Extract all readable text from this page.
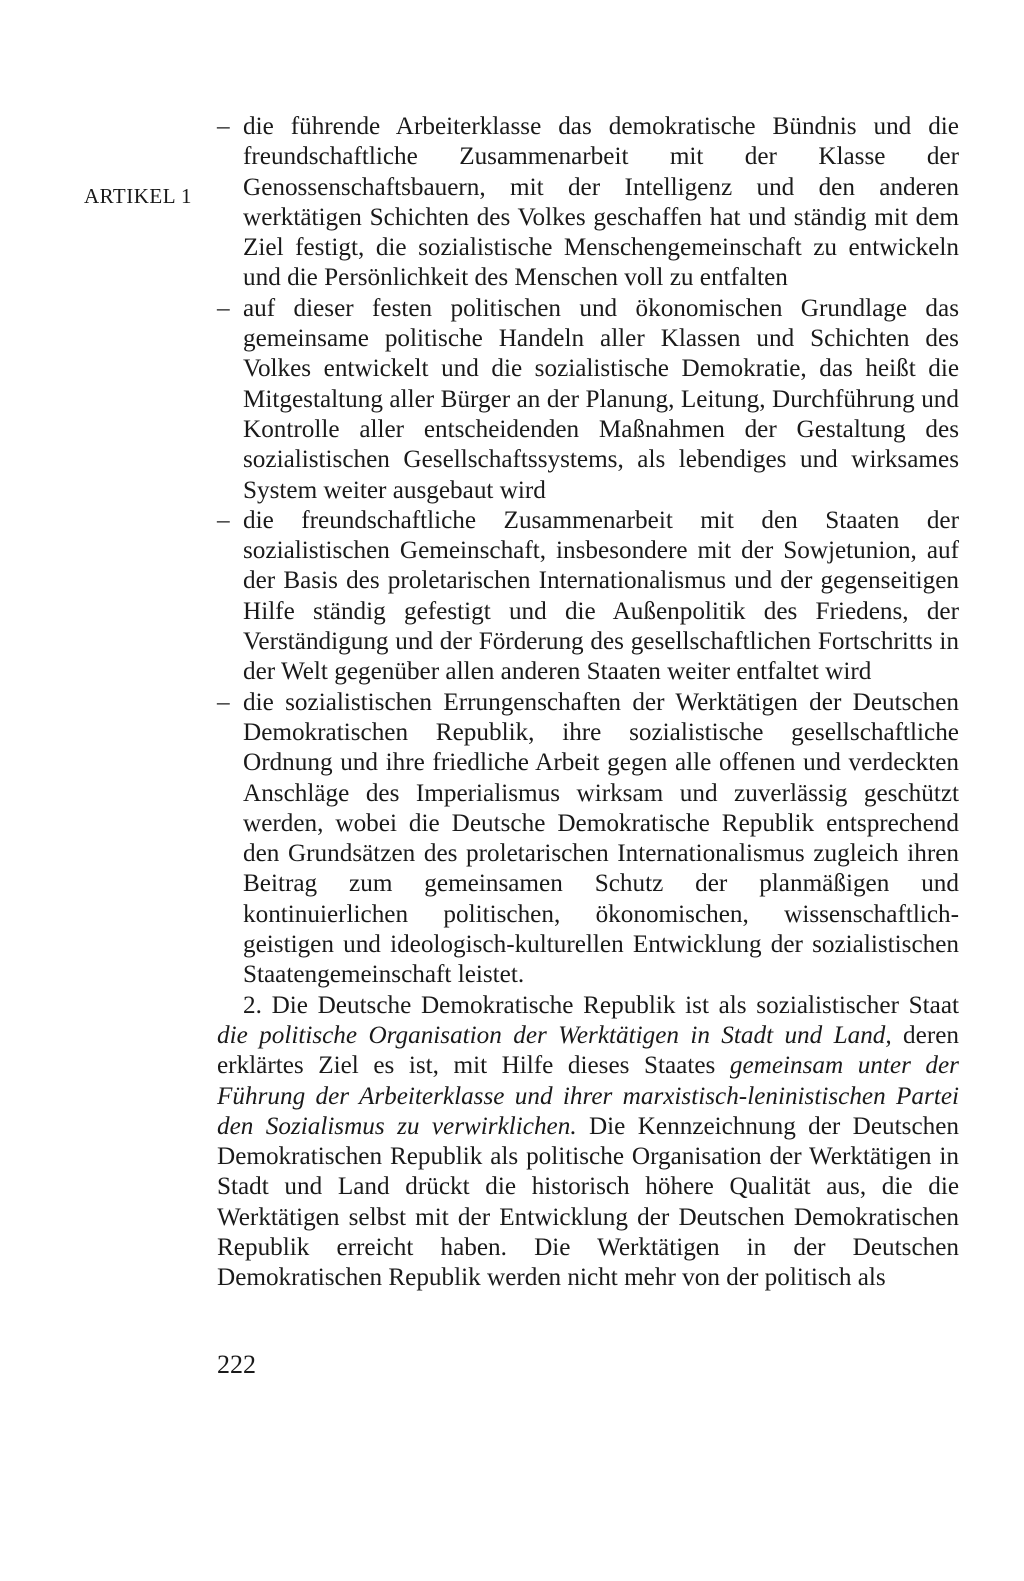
ARTIKEL 1
– die führende Arbeiterklasse das demokratische Bündnis und die freundschaftliche Zusammenarbeit mit der Klasse der Genossenschaftsbauern, mit der Intelligenz und den anderen werktätigen Schichten des Volkes geschaffen hat und ständig mit dem Ziel festigt, die sozialistische Menschengemeinschaft zu entwickeln und die Persönlichkeit des Menschen voll zu entfalten
– auf dieser festen politischen und ökonomischen Grundlage das gemeinsame politische Handeln aller Klassen und Schichten des Volkes entwickelt und die sozialistische Demokratie, das heißt die Mitgestaltung aller Bürger an der Planung, Leitung, Durchführung und Kontrolle aller entscheidenden Maßnahmen der Gestaltung des sozialistischen Gesellschaftssystems, als lebendiges und wirksames System weiter ausgebaut wird
– die freundschaftliche Zusammenarbeit mit den Staaten der sozialistischen Gemeinschaft, insbesondere mit der Sowjetunion, auf der Basis des proletarischen Internationalismus und der gegenseitigen Hilfe ständig gefestigt und die Außenpolitik des Friedens, der Verständigung und der Förderung des gesellschaftlichen Fortschritts in der Welt gegenüber allen anderen Staaten weiter entfaltet wird
– die sozialistischen Errungenschaften der Werktätigen der Deutschen Demokratischen Republik, ihre sozialistische gesellschaftliche Ordnung und ihre friedliche Arbeit gegen alle offenen und verdeckten Anschläge des Imperialismus wirksam und zuverlässig geschützt werden, wobei die Deutsche Demokratische Republik entsprechend den Grundsätzen des proletarischen Internationalismus zugleich ihren Beitrag zum gemeinsamen Schutz der planmäßigen und kontinuierlichen politischen, ökonomischen, wissenschaftlich-geistigen und ideologisch-kulturellen Entwicklung der sozialistischen Staatengemeinschaft leistet.

2. Die Deutsche Demokratische Republik ist als sozialistischer Staat die politische Organisation der Werktätigen in Stadt und Land, deren erklärtes Ziel es ist, mit Hilfe dieses Staates gemeinsam unter der Führung der Arbeiterklasse und ihrer marxistisch-leninistischen Partei den Sozialismus zu verwirklichen. Die Kennzeichnung der Deutschen Demokratischen Republik als politische Organisation der Werktätigen in Stadt und Land drückt die historisch höhere Qualität aus, die die Werktätigen selbst mit der Entwicklung der Deutschen Demokratischen Republik erreicht haben. Die Werktätigen in der Deutschen Demokratischen Republik werden nicht mehr von der politisch als

222
